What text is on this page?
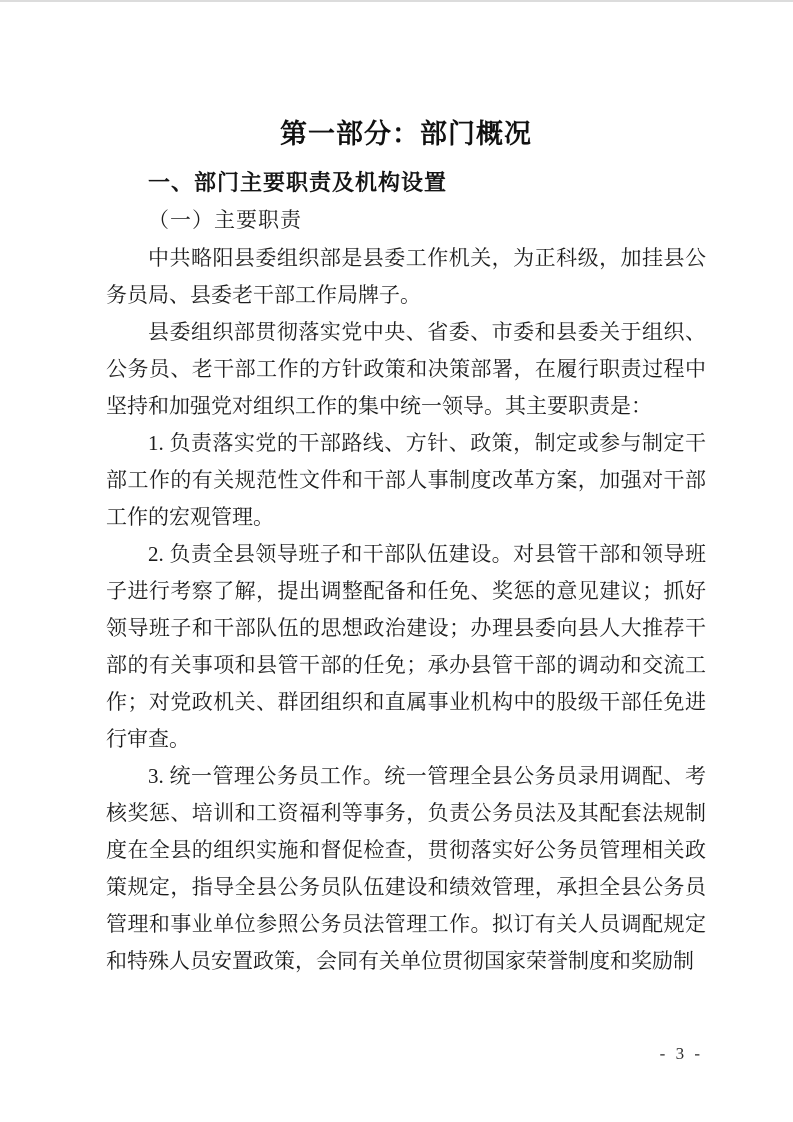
第一部分：部门概况
一、部门主要职责及机构设置
（一）主要职责

中共略阳县委组织部是县委工作机关，为正科级，加挂县公务员局、县委老干部工作局牌子。

县委组织部贯彻落实党中央、省委、市委和县委关于组织、公务员、老干部工作的方针政策和决策部署，在履行职责过程中坚持和加强党对组织工作的集中统一领导。其主要职责是：

1. 负责落实党的干部路线、方针、政策，制定或参与制定干部工作的有关规范性文件和干部人事制度改革方案，加强对干部工作的宏观管理。

2. 负责全县领导班子和干部队伍建设。对县管干部和领导班子进行考察了解，提出调整配备和任免、奖惩的意见建议；抓好领导班子和干部队伍的思想政治建设；办理县委向县人大推荐干部的有关事项和县管干部的任免；承办县管干部的调动和交流工作；对党政机关、群团组织和直属事业机构中的股级干部任免进行审查。

3. 统一管理公务员工作。统一管理全县公务员录用调配、考核奖惩、培训和工资福利等事务，负责公务员法及其配套法规制度在全县的组织实施和督促检查，贯彻落实好公务员管理相关政策规定，指导全县公务员队伍建设和绩效管理，承担全县公务员管理和事业单位参照公务员法管理工作。拟订有关人员调配规定和特殊人员安置政策，会同有关单位贯彻国家荣誉制度和奖励制

- 3 -
